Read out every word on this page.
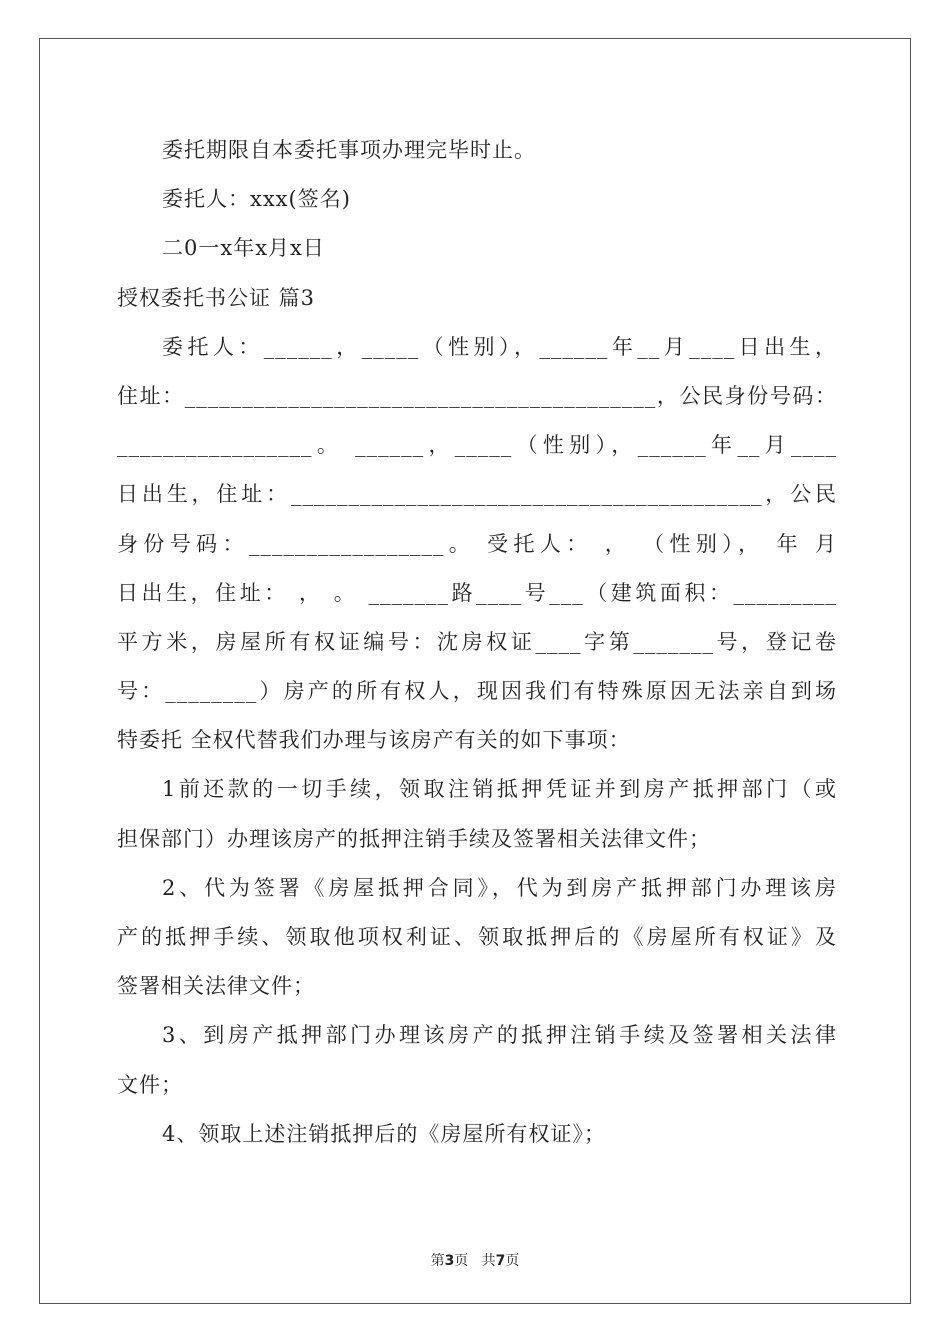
委托期限自本委托事项办理完毕时止。
委托人：xxx(签名)
二0一x年x月x日
授权委托书公证 篇3
委托人：______，_____（性别），______年__月____日出生，
住址：_________________________________________，公民身份号码：
_________________。 ______，_____（性别），______年__月____
日出生，住址：_________________________________________，公民
身份号码：_________________。 受托人： ， （性别）， 年 月
日出生，住址： ， 。 _______路____号___（建筑面积：_________
平方米，房屋所有权证编号：沈房权证____字第_______号，登记卷
号：________）房产的所有权人，现因我们有特殊原因无法亲自到场
特委托 全权代替我们办理与该房产有关的如下事项：
1前还款的一切手续，领取注销抵押凭证并到房产抵押部门（或
担保部门）办理该房产的抵押注销手续及签署相关法律文件；
2、代为签署《房屋抵押合同》，代为到房产抵押部门办理该房
产的抵押手续、领取他项权利证、领取抵押后的《房屋所有权证》及
签署相关法律文件；
3、到房产抵押部门办理该房产的抵押注销手续及签署相关法律
文件；
4、领取上述注销抵押后的《房屋所有权证》；
第3页 共7页
